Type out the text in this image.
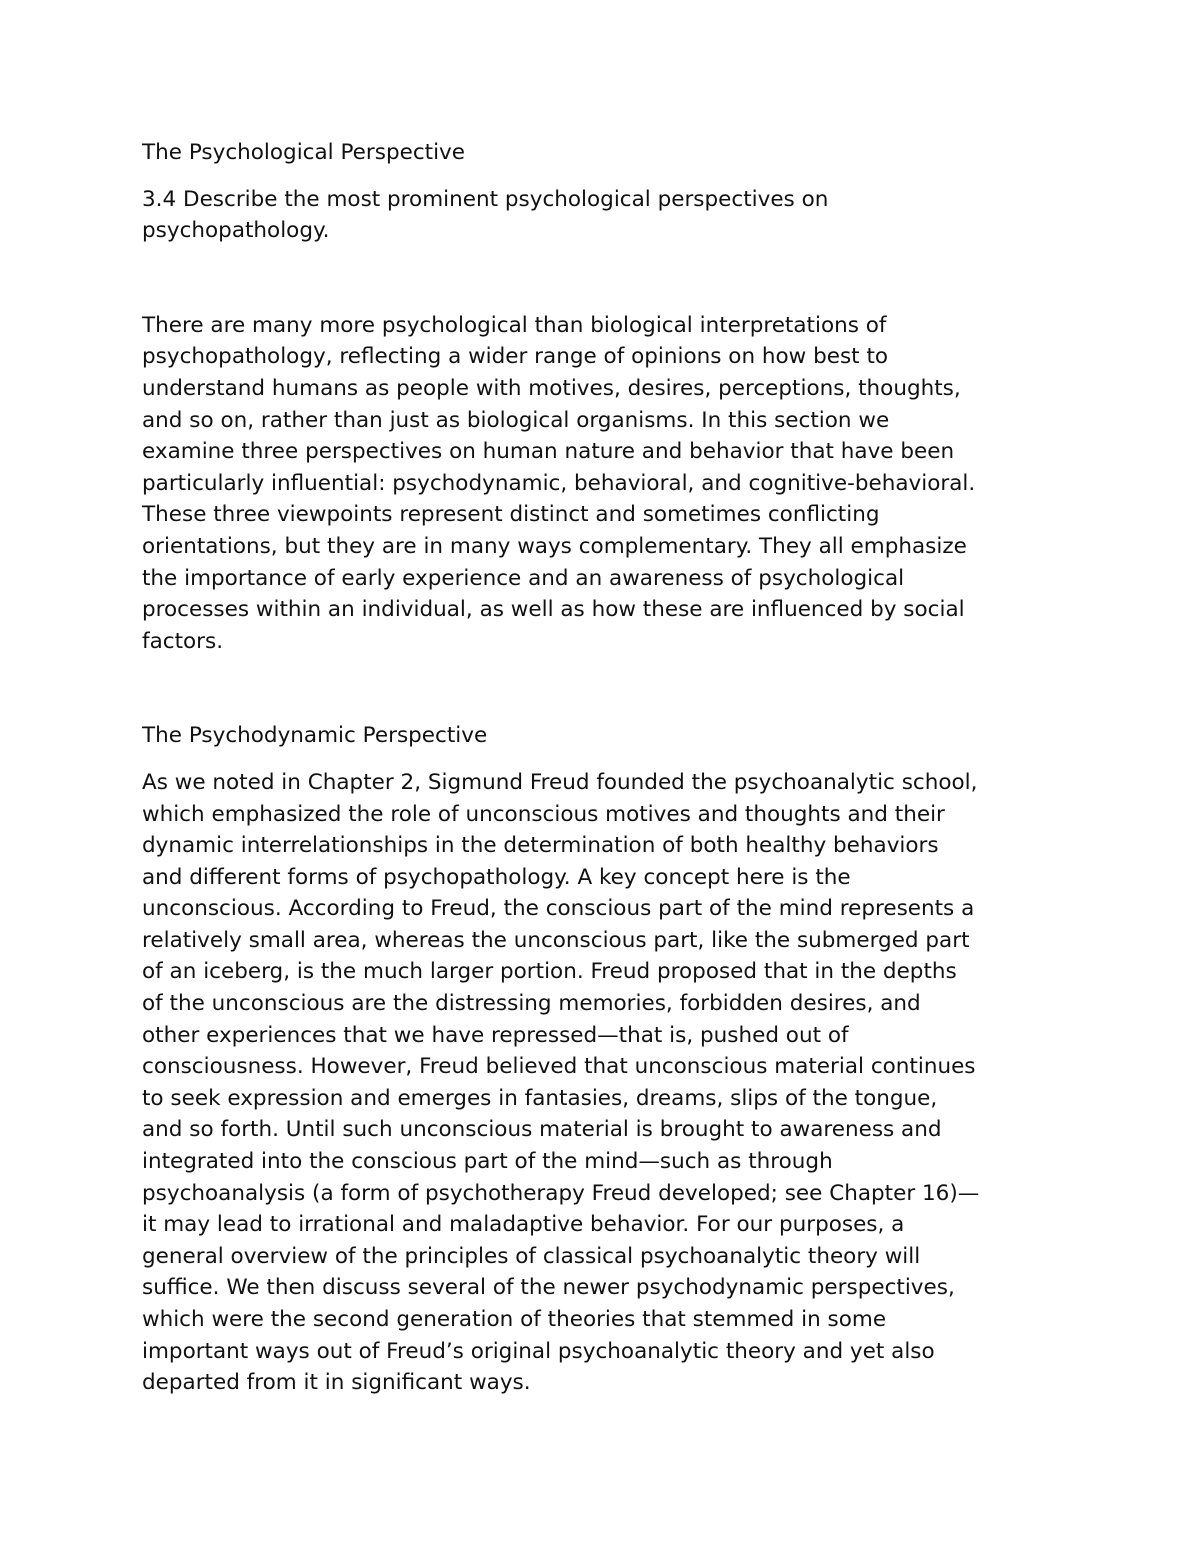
The Psychological Perspective

3.4 Describe the most prominent psychological perspectives on
psychopathology.

There are many more psychological than biological interpretations of
psychopathology, reflecting a wider range of opinions on how best to
understand humans as people with motives, desires, perceptions, thoughts,
and so on, rather than just as biological organisms. In this section we
examine three perspectives on human nature and behavior that have been
particularly influential: psychodynamic, behavioral, and cognitive-behavioral.
These three viewpoints represent distinct and sometimes conflicting
orientations, but they are in many ways complementary. They all emphasize
the importance of early experience and an awareness of psychological
processes within an individual, as well as how these are influenced by social
factors.

The Psychodynamic Perspective

As we noted in Chapter 2, Sigmund Freud founded the psychoanalytic school,
which emphasized the role of unconscious motives and thoughts and their
dynamic interrelationships in the determination of both healthy behaviors
and different forms of psychopathology. A key concept here is the
unconscious. According to Freud, the conscious part of the mind represents a
relatively small area, whereas the unconscious part, like the submerged part
of an iceberg, is the much larger portion. Freud proposed that in the depths
of the unconscious are the distressing memories, forbidden desires, and
other experiences that we have repressed—that is, pushed out of
consciousness. However, Freud believed that unconscious material continues
to seek expression and emerges in fantasies, dreams, slips of the tongue,
and so forth. Until such unconscious material is brought to awareness and
integrated into the conscious part of the mind—such as through
psychoanalysis (a form of psychotherapy Freud developed; see Chapter 16)—
it may lead to irrational and maladaptive behavior. For our purposes, a
general overview of the principles of classical psychoanalytic theory will
suffice. We then discuss several of the newer psychodynamic perspectives,
which were the second generation of theories that stemmed in some
important ways out of Freud’s original psychoanalytic theory and yet also
departed from it in significant ways.
